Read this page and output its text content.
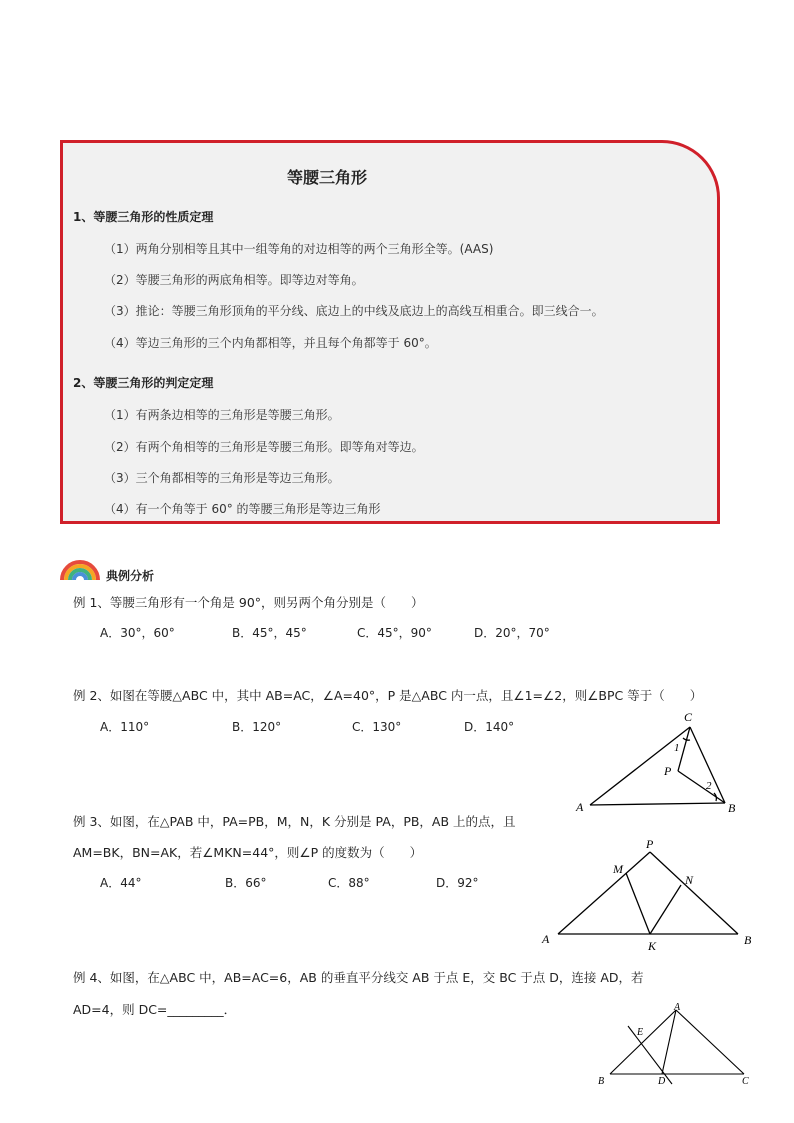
等腰三角形
1、等腰三角形的性质定理
（1）两角分别相等且其中一组等角的对边相等的两个三角形全等。(AAS)
（2）等腰三角形的两底角相等。即等边对等角。
（3）推论：等腰三角形顶角的平分线、底边上的中线及底边上的高线互相重合。即三线合一。
（4）等边三角形的三个内角都相等，并且每个角都等于 60°。
2、等腰三角形的判定定理
（1）有两条边相等的三角形是等腰三角形。
（2）有两个角相等的三角形是等腰三角形。即等角对等边。
（3）三个角都相等的三角形是等边三角形。
（4）有一个角等于 60° 的等腰三角形是等边三角形
典例分析
例 1、等腰三角形有一个角是 90°，则另两个角分别是（　　）
A．30°，60°	B．45°，45°	C．45°，90°	D．20°，70°
例 2、如图在等腰△ABC 中，其中 AB=AC，∠A=40°，P 是△ABC 内一点，且∠1=∠2，则∠BPC 等于（　　）
A．110°	B．120°	C．130°	D．140°
C
A	B
P
1
2
例 3、如图，在△PAB 中，PA=PB，M，N，K 分别是 PA，PB，AB 上的点，且
AM=BK，BN=AK，若∠MKN=44°，则∠P 的度数为（　　）
A．44°	B．66°	C．88°	D．92°
P
M
N
A	B
K
例 4、如图，在△ABC 中，AB=AC=6，AB 的垂直平分线交 AB 于点 E，交 BC 于点 D，连接 AD，若
AD=4，则 DC=_________．	A
E
B	D	C
